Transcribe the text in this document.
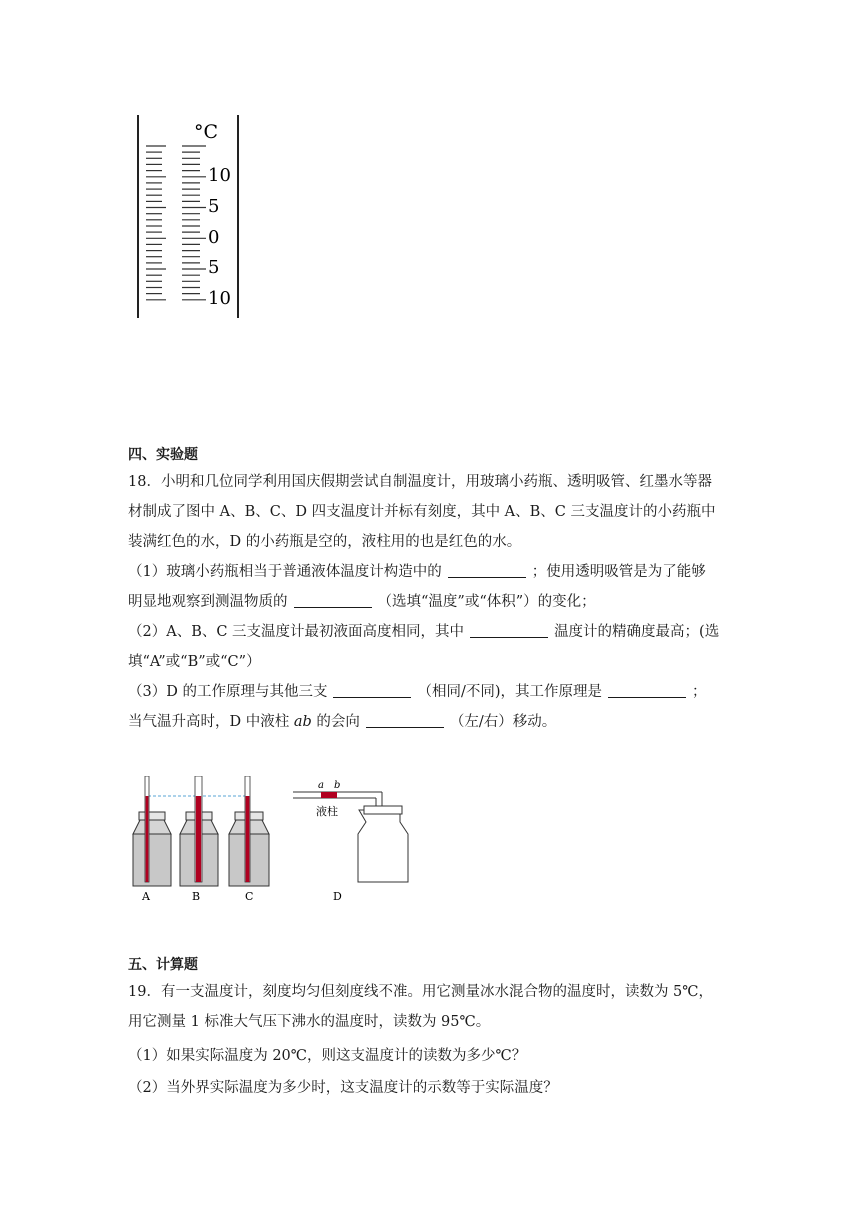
°C
10
5
0
5
10
四、实验题
18．小明和几位同学利用国庆假期尝试自制温度计，用玻璃小药瓶、透明吸管、红墨水等器
材制成了图中 A、B、C、D 四支温度计并标有刻度，其中 A、B、C 三支温度计的小药瓶中
装满红色的水，D 的小药瓶是空的，液柱用的也是红色的水。
（1）玻璃小药瓶相当于普通液体温度计构造中的	；使用透明吸管是为了能够
明显地观察到测温物质的	（选填“温度”或“体积”）的变化；
（2）A、B、C 三支温度计最初液面高度相同，其中	温度计的精确度最高；(选
填“A”或“B”或“C”）
（3）D 的工作原理与其他三支	（相同/不同)，其工作原理是	；
当气温升高时，D 中液柱 ab 的会向	（左/右）移动。
A	B	C
a b
液柱
D
五、计算题
19．有一支温度计，刻度均匀但刻度线不准。用它测量冰水混合物的温度时，读数为 5℃，
用它测量 1 标准大气压下沸水的温度时，读数为 95℃。
（1）如果实际温度为 20℃，则这支温度计的读数为多少℃？
（2）当外界实际温度为多少时，这支温度计的示数等于实际温度？
